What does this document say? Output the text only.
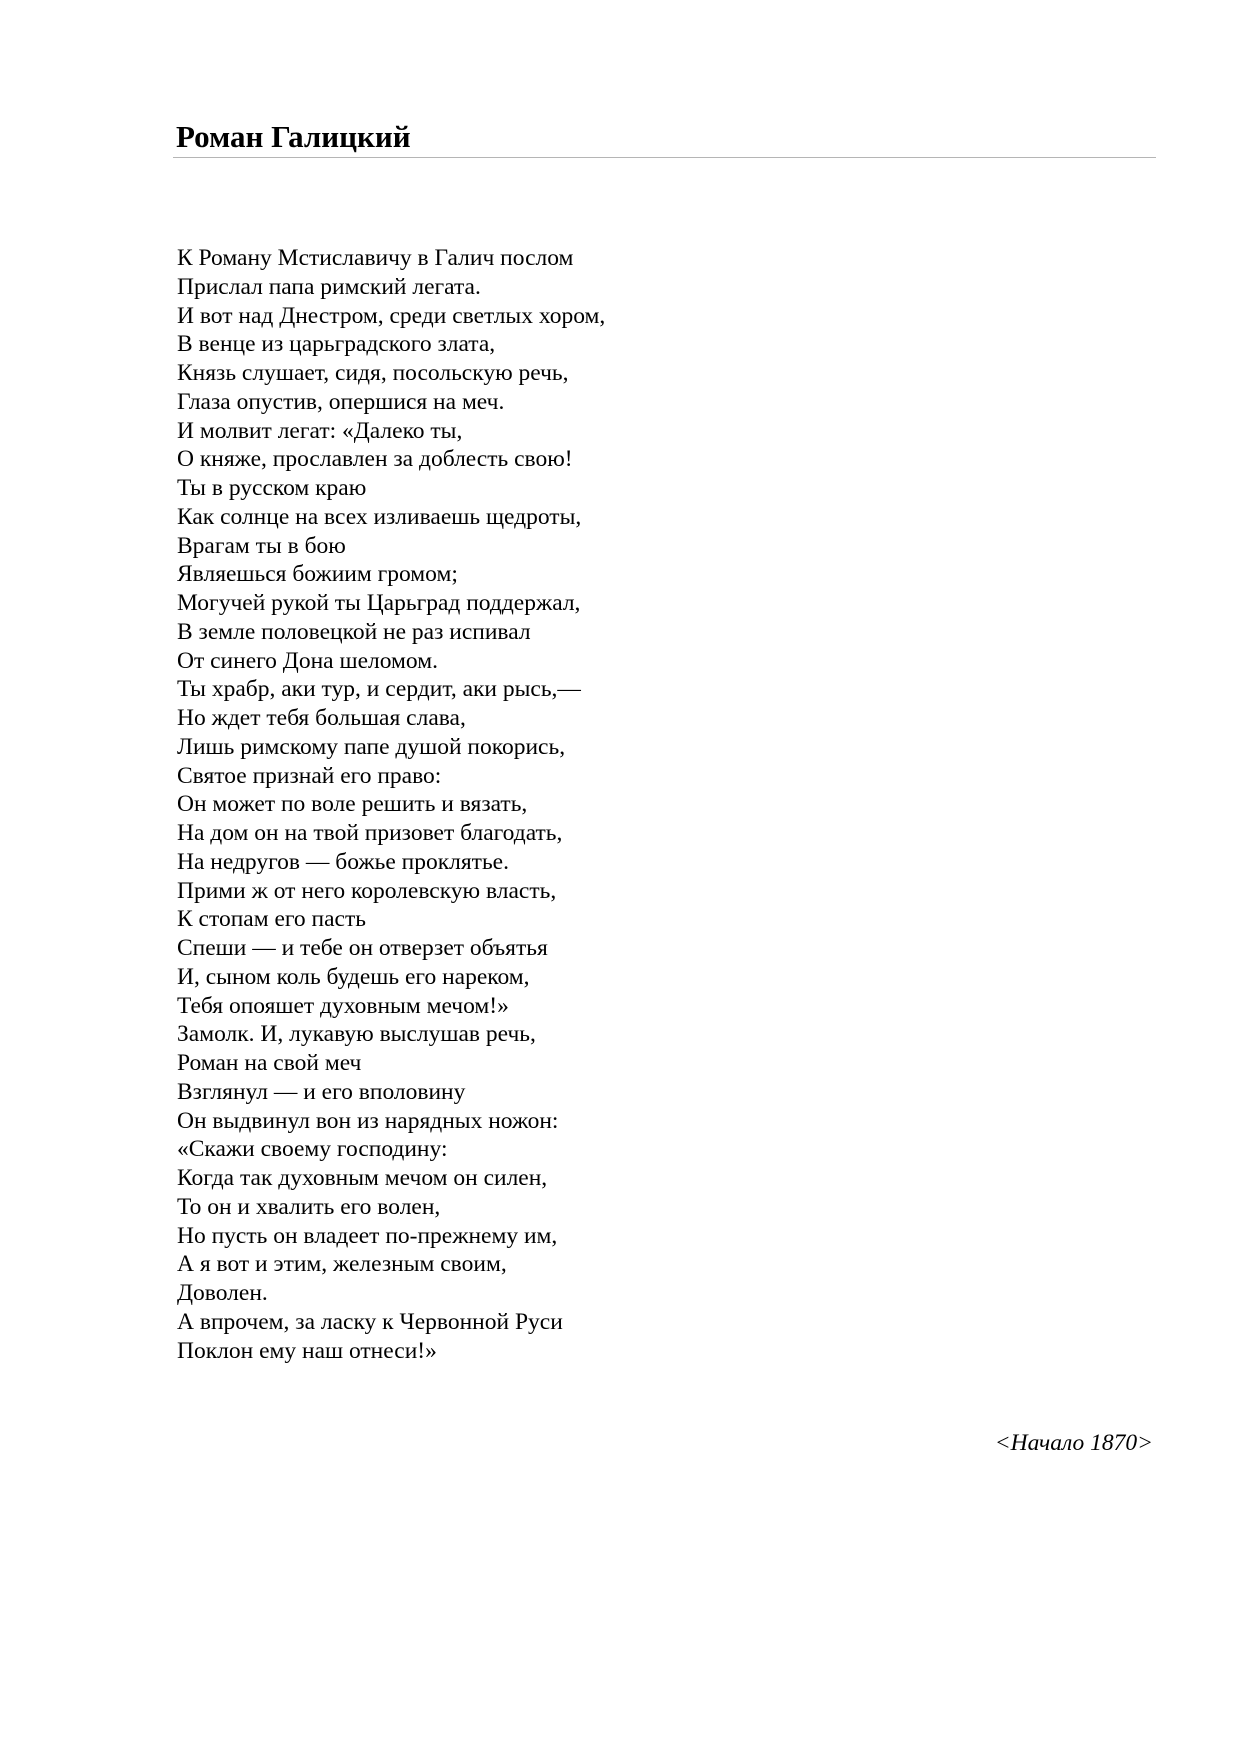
Роман Галицкий
К Роману Мстиславичу в Галич послом
Прислал папа римский легата.
И вот над Днестром, среди светлых хором,
В венце из царьградского злата,
Князь слушает, сидя, посольскую речь,
Глаза опустив, опершися на меч.
И молвит легат: «Далеко ты,
О княже, прославлен за доблесть свою!
Ты в русском краю
Как солнце на всех изливаешь щедроты,
Врагам ты в бою
Являешься божиим громом;
Могучей рукой ты Царьград поддержал,
В земле половецкой не раз испивал
От синего Дона шеломом.
Ты храбр, аки тур, и сердит, аки рысь,—
Но ждет тебя большая слава,
Лишь римскому папе душой покорись,
Святое признай его право:
Он может по воле решить и вязать,
На дом он на твой призовет благодать,
На недругов — божье проклятье.
Прими ж от него королевскую власть,
К стопам его пасть
Спеши — и тебе он отверзет объятья
И, сыном коль будешь его нареком,
Тебя опояшет духовным мечом!»
Замолк. И, лукавую выслушав речь,
Роман на свой меч
Взглянул — и его вполовину
Он выдвинул вон из нарядных ножон:
«Скажи своему господину:
Когда так духовным мечом он силен,
То он и хвалить его волен,
Но пусть он владеет по-прежнему им,
А я вот и этим, железным своим,
Доволен.
А впрочем, за ласку к Червонной Руси
Поклон ему наш отнеси!»
<Начало 1870>
